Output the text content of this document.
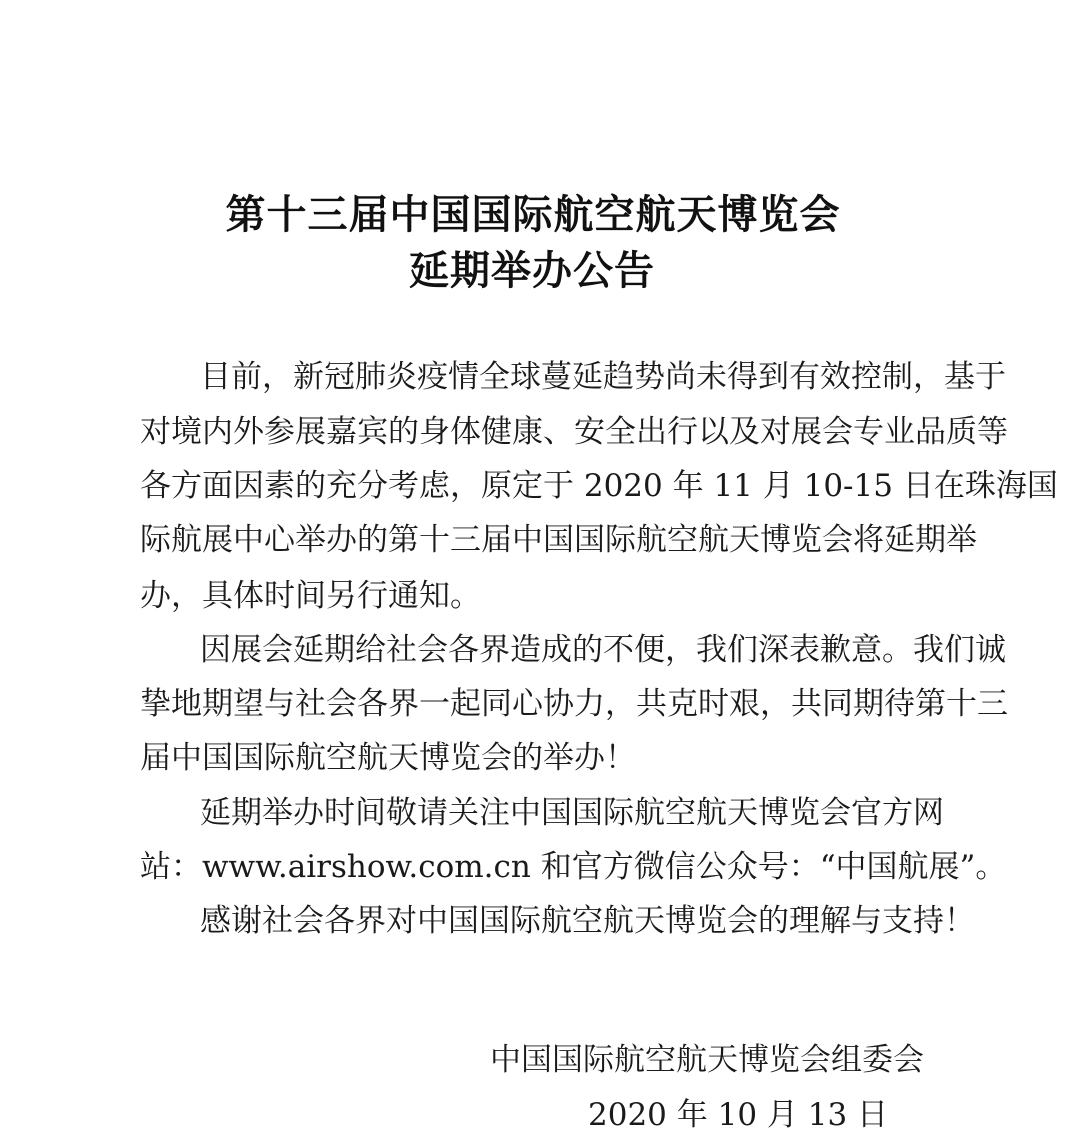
第十三届中国国际航空航天博览会
延期举办公告
目前，新冠肺炎疫情全球蔓延趋势尚未得到有效控制，基于
对境内外参展嘉宾的身体健康、安全出行以及对展会专业品质等
各方面因素的充分考虑，原定于 2020 年 11 月 10-15 日在珠海国
际航展中心举办的第十三届中国国际航空航天博览会将延期举
办，具体时间另行通知。
因展会延期给社会各界造成的不便，我们深表歉意。我们诚
挚地期望与社会各界一起同心协力，共克时艰，共同期待第十三
届中国国际航空航天博览会的举办！
延期举办时间敬请关注中国国际航空航天博览会官方网
站：www.airshow.com.cn 和官方微信公众号：“中国航展”。
感谢社会各界对中国国际航空航天博览会的理解与支持！
中国国际航空航天博览会组委会
2020 年 10 月 13 日
